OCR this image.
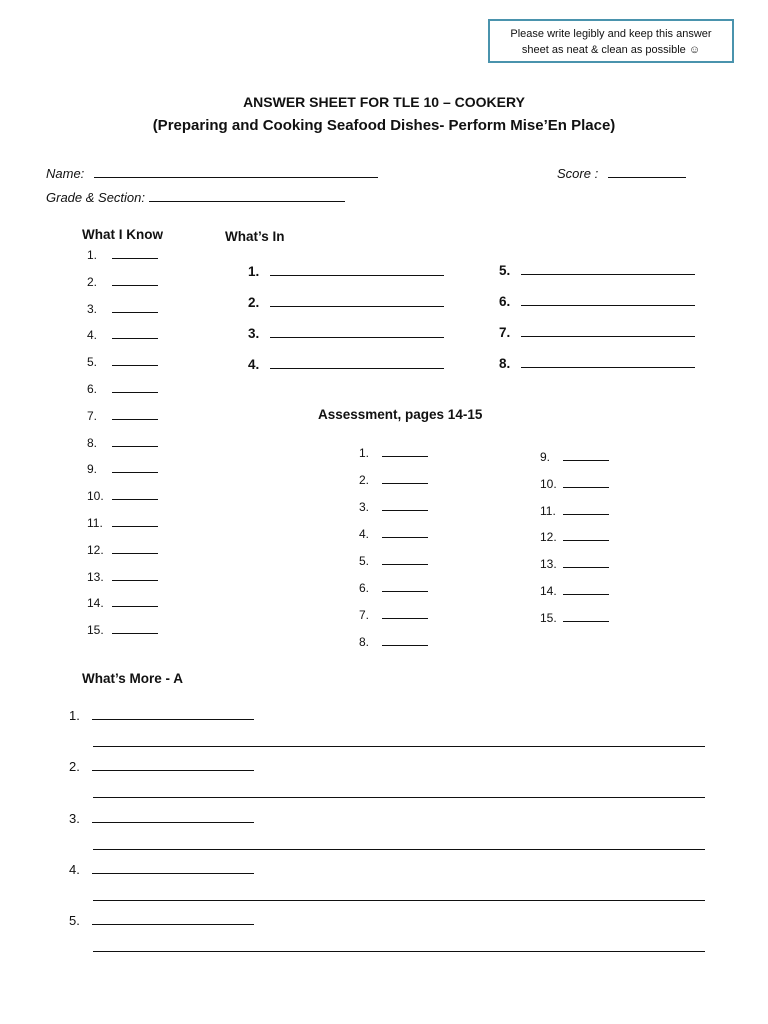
Please write legibly and keep this answer
sheet as neat & clean as possible ☺
ANSWER SHEET FOR TLE 10 – COOKERY
(Preparing and Cooking Seafood Dishes- Perform Mise’En Place)
Name:	Score :
Grade & Section:
What I Know	What’s In
Assessment, pages 14-15
What’s More - A
1.
2.
3.
4.
5.
6.
7.
8.
9.
10.
11.
12.
13.
14.
15.
1.
2.
3.
4.
5.
6.
7.
8.
1.
2.
3.
4.
5.
6.
7.
8.
9.
10.
11.
12.
13.
14.
15.
1.
2.
3.
4.
5.
